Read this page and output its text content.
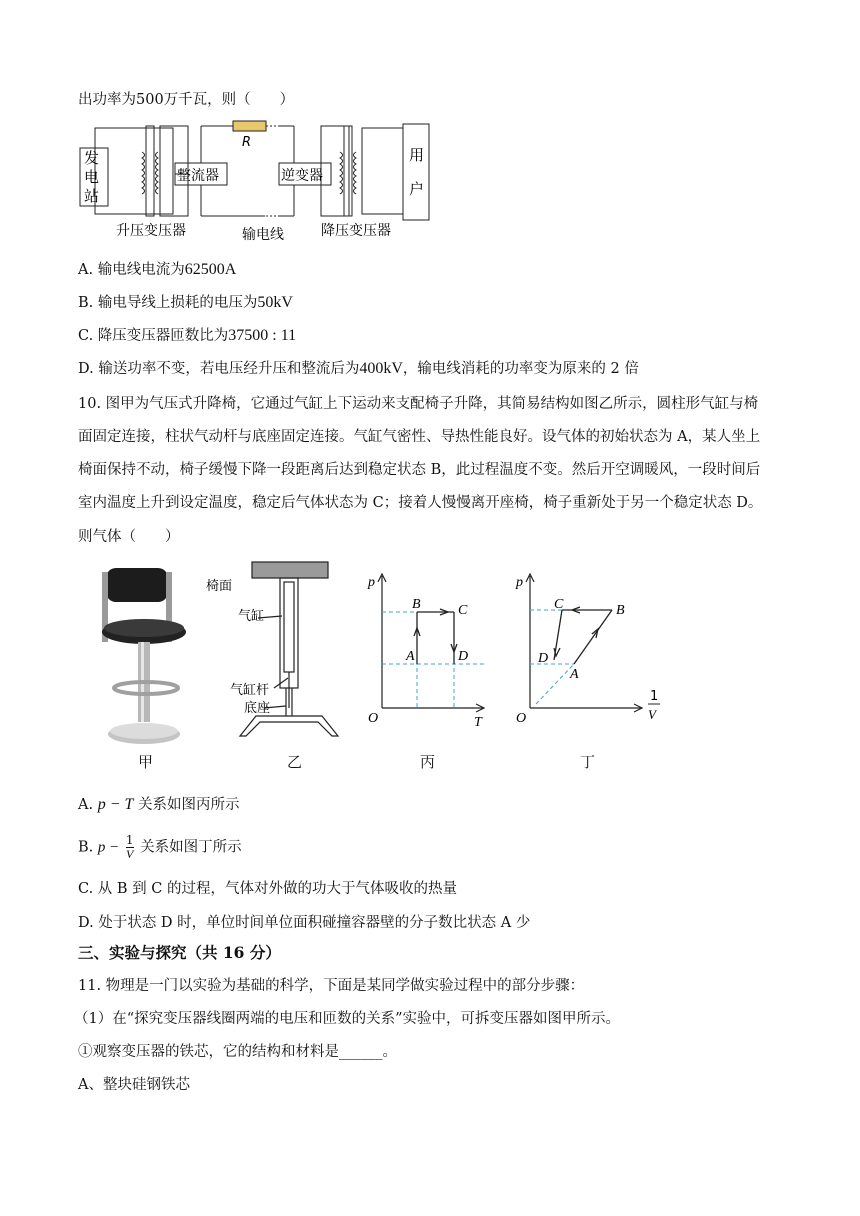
出功率为500万千瓦，则（　　）
R
发
电
站
整流器	逆变器
用
户
升压变压器	输电线	降压变压器
A. 输电线电流为62500A
B. 输电导线上损耗的电压为50kV
C. 降压变压器匝数比为37500 : 11
D. 输送功率不变，若电压经升压和整流后为400kV，输电线消耗的功率变为原来的 2 倍
10. 图甲为气压式升降椅，它通过气缸上下运动来支配椅子升降，其简易结构如图乙所示，圆柱形气缸与椅
面固定连接，柱状气动杆与底座固定连接。气缸气密性、导热性能良好。设气体的初始状态为 A，某人坐上
椅面保持不动，椅子缓慢下降一段距离后达到稳定状态 B，此过程温度不变。然后开空调暖风，一段时间后
室内温度上升到设定温度，稳定后气体状态为 C；接着人慢慢离开座椅，椅子重新处于另一个稳定状态 D。
则气体（　　）
甲
椅面
气缸
气缸杆
底座
乙
p
T
O
A
B	C
D
丙
p
1
V
O
A
B
C
D
丁
A. p − T 关系如图丙所示
B. $p - \frac{1}{V}$ 关系如图丁所示
C. 从 B 到 C 的过程，气体对外做的功大于气体吸收的热量
D. 处于状态 D 时，单位时间单位面积碰撞容器壁的分子数比状态 A 少
三、实验与探究（共 16 分）
11. 物理是一门以实验为基础的科学，下面是某同学做实验过程中的部分步骤：
（1）在“探究变压器线圈两端的电压和匝数的关系”实验中，可拆变压器如图甲所示。
①观察变压器的铁芯，它的结构和材料是______。
A、整块硅钢铁芯
